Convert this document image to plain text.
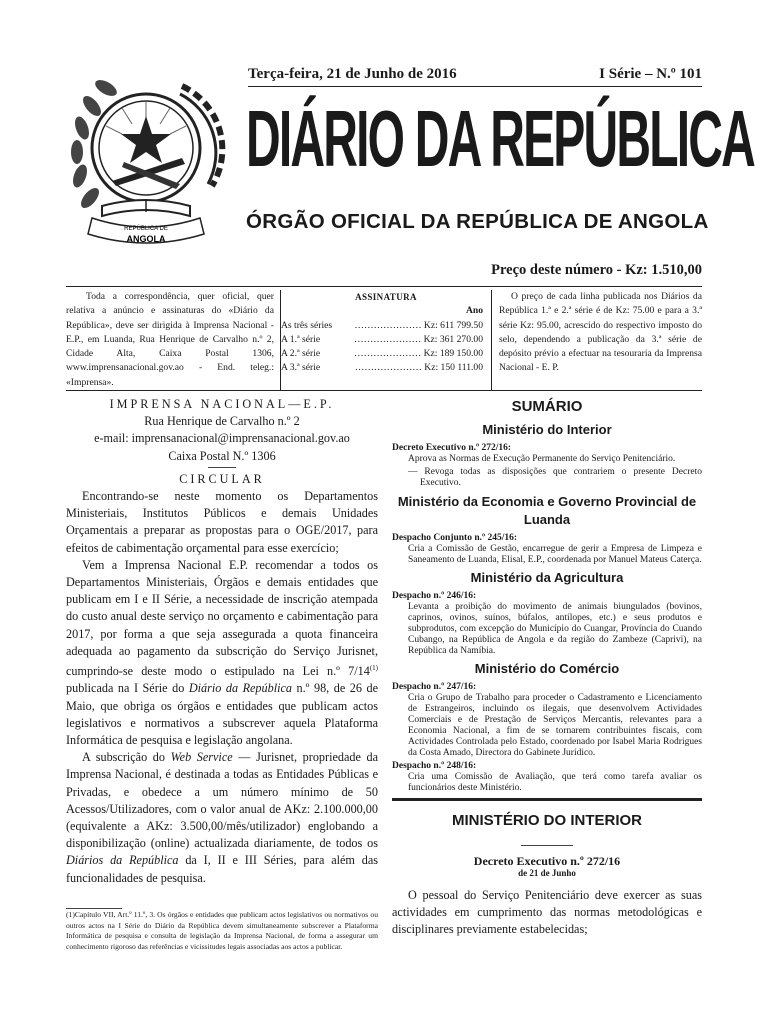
REPÚBLICA DE
ANGOLA
Terça-feira, 21 de Junho de 2016	I Série – N.º 101
DIÁRIO DA REPÚBLICA
ÓRGÃO OFICIAL DA REPÚBLICA DE ANGOLA
Preço deste número - Kz: 1.510,00

Toda a correspondência, quer oficial, quer relativa a anúncio e assinaturas do «Diário da República», deve ser dirigida à Imprensa Nacional - E.P., em Luanda, Rua Henrique de Carvalho n.º 2, Cidade Alta, Caixa Postal 1306, www.imprensanacional.gov.ao - End. teleg.: «Imprensa».

ASSINATURA
Ano
As três séries ………………… Kz: 611 799.50
A 1.ª série	………………… Kz: 361 270.00
A 2.ª série	………………… Kz: 189 150.00
A 3.ª série	………………… Kz: 150 111.00

O preço de cada linha publicada nos Diários da República 1.ª e 2.ª série é de Kz: 75.00 e para a 3.ª série Kz: 95.00, acrescido do respectivo imposto do selo, dependendo a publicação da 3.ª série de depósito prévio a efectuar na tesouraria da Imprensa Nacional - E. P.

IMPRENSA NACIONAL—E.P.

Rua Henrique de Carvalho n.º 2

e-mail: imprensanacional@imprensanacional.gov.ao

Caixa Postal N.º 1306

CIRCULAR

Encontrando-se neste momento os Departamentos Ministeriais, Institutos Públicos e demais Unidades Orçamentais a preparar as propostas para o OGE/2017, para efeitos de cabimentação orçamental para esse exercício;

Vem a Imprensa Nacional E.P. recomendar a todos os Departamentos Ministeriais, Órgãos e demais entidades que publicam em I e II Série, a necessidade de inscrição atempada do custo anual deste serviço no orçamento e cabimentação para 2017, por forma a que seja assegurada a quota financeira adequada ao pagamento da subscrição do Serviço Jurisnet, cumprindo-se deste modo o estipulado na Lei n.º 7/14$^{(1)}$ publicada na I Série do Diário da República n.º 98, de 26 de Maio, que obriga os órgãos e entidades que publicam actos legislativos e normativos a subscrever aquela Plataforma Informática de pesquisa e legislação angolana.

A subscrição do Web Service — Jurisnet, propriedade da Imprensa Nacional, é destinada a todas as Entidades Públicas e Privadas, e obedece a um número mínimo de 50 Acessos/Utilizadores, com o valor anual de AKz: 2.100.000,00 (equivalente a AKz: 3.500,00/mês/utilizador) englobando a disponibilização (online) actualizada diariamente, de todos os Diários da República da I, II e III Séries, para além das funcionalidades de pesquisa.

(1)Capítulo VII, Art.º 11.º, 3. Os órgãos e entidades que publicam actos legislativos ou normativos ou outros actos na I Série do Diário da República devem simultaneamente subscrever a Plataforma Informática de pesquisa e consulta de legislação da Imprensa Nacional, de forma a assegurar um conhecimento rigoroso das referências e vicissitudes legais associadas aos actos a publicar.
SUMÁRIO
Ministério do Interior
Decreto Executivo n.º 272/16:
Aprova as Normas de Execução Permanente do Serviço Penitenciário.
— Revoga todas as disposições que contrariem o presente Decreto Executivo.
Ministério da Economia e Governo Provincial de Luanda
Despacho Conjunto n.º 245/16:
Cria a Comissão de Gestão, encarregue de gerir a Empresa de Limpeza e Saneamento de Luanda, Elisal, E.P., coordenada por Manuel Mateus Caterça.
Ministério da Agricultura
Despacho n.º 246/16:
Levanta a proibição do movimento de animais biungulados (bovinos, caprinos, ovinos, suínos, búfalos, antílopes, etc.) e seus produtos e subprodutos, com excepção do Município do Cuangar, Província do Cuando Cubango, na República de Angola e da região do Zambeze (Caprivi), na República da Namíbia.
Ministério do Comércio
Despacho n.º 247/16:
Cria o Grupo de Trabalho para proceder o Cadastramento e Licenciamento de Estrangeiros, incluindo os ilegais, que desenvolvem Actividades Comerciais e de Prestação de Serviços Mercantis, relevantes para a Economia Nacional, a fim de se tornarem contribuintes fiscais, com Actividades Controlada pelo Estado, coordenado por Isabel Maria Rodrigues da Costa Amado, Directora do Gabinete Jurídico.
Despacho n.º 248/16:
Cria uma Comissão de Avaliação, que terá como tarefa avaliar os funcionários deste Ministério.
MINISTÉRIO DO INTERIOR
Decreto Executivo n.º 272/16
de 21 de Junho

O pessoal do Serviço Penitenciário deve exercer as suas actividades em cumprimento das normas metodológicas e disciplinares previamente estabelecidas;
